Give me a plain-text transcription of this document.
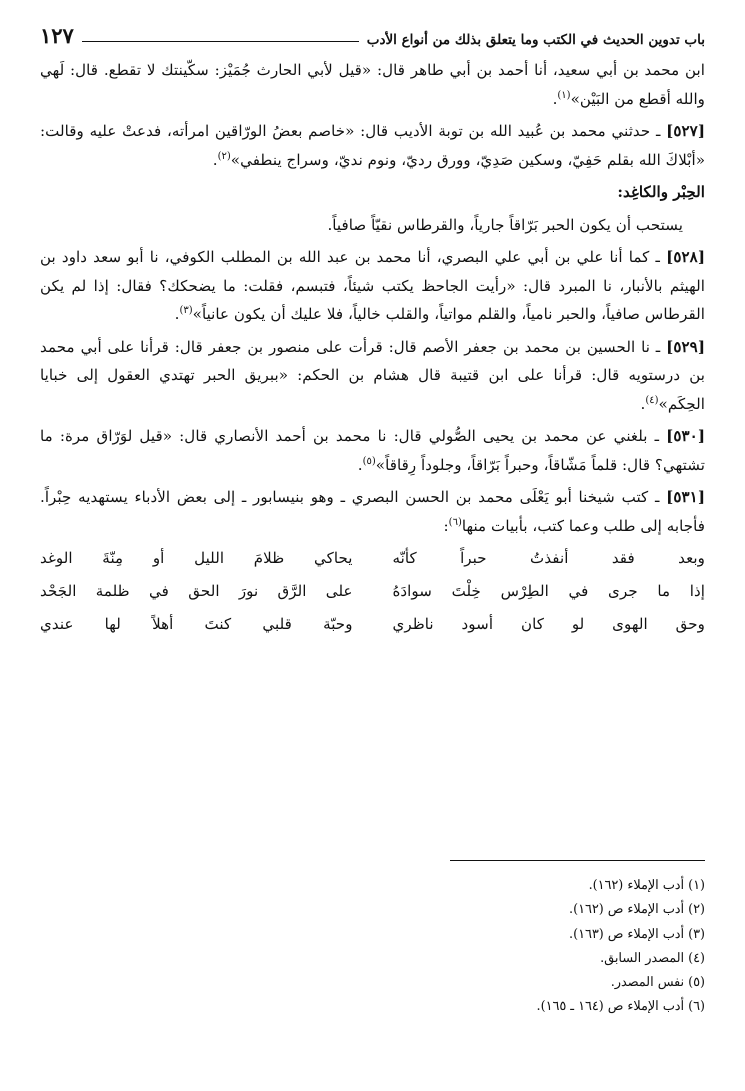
باب تدوين الحديث في الكتب وما يتعلق بذلك من أنواع الأدب
١٢٧

ابن محمد بن أبي سعيد، أنا أحمد بن أبي طاهر قال: «قيل لأبي الحارث جُمَيْز: سكّينتك لا تقطع. قال: لَهي والله أقطع من البَيْن»$^{(١)}$.

[٥٢٧] ـ حدثني محمد بن عُبيد الله بن توبة الأديب قال: «خاصم بعضُ الورّاقين امرأته، فدعتْ عليه وقالت: «أبْلاكَ الله بقلم حَفِيّ، وسكين صَدِيّ، وورق رديّ، ونوم نديّ، وسراج ينطفي»$^{(٢)}$.

الحِبْر والكاغِد:

يستحب أن يكون الحبر بَرّاقاً جارياً، والقرطاس نقيّاً صافياً.

[٥٢٨] ـ كما أنا علي بن أبي علي البصري، أنا محمد بن عبد الله بن المطلب الكوفي، نا أبو سعد داود بن الهيثم بالأنبار، نا المبرد قال: «رأيت الجاحظ يكتب شيئاً، فتبسم، فقلت: ما يضحكك؟ فقال: إذا لم يكن القرطاس صافياً، والحبر نامياً، والقلم مواتياً، والقلب خالياً، فلا عليك أن يكون عانياً»$^{(٣)}$.

[٥٢٩] ـ نا الحسين بن محمد بن جعفر الأصم قال: قرأت على منصور بن جعفر قال: قرأنا على أبي محمد بن درستويه قال: قرأنا على ابن قتيبة قال هشام بن الحكم: «ببريق الحبر تهتدي العقول إلى خبايا الحِكَم»$^{(٤)}$.

[٥٣٠] ـ بلغني عن محمد بن يحيى الصُّولي قال: نا محمد بن أحمد الأنصاري قال: «قيل لوَرّاق مرة: ما تشتهي؟ قال: قلماً مَشّاقاً، وحبراً بَرّاقاً، وجلوداً رِقاقاً»$^{(٥)}$.

[٥٣١] ـ كتب شيخنا أبو يَعْلَى محمد بن الحسن البصري ـ وهو بنيسابور ـ إلى بعض الأدباء يستهديه حِبْراً. فأجابه إلى طلب وعما كتب، بأبيات منها$^{(٦)}$:

وبعد فقد أنفذتُ حبراً كأنّه
يحاكي ظلامَ الليل أو مِنّةَ الوغد
إذا ما جرى في الطِرْس خِلْتَ سوادَهُ
على الرَّق نورَ الحق في ظلمة الجَحْد
وحق الهوى لو كان أسود ناظري
وحبّة قلبي كنتَ أهلاً لها عندي
(١) أدب الإملاء (١٦٢).
(٢) أدب الإملاء ص (١٦٢).
(٣) أدب الإملاء ص (١٦٣).
(٤) المصدر السابق.
(٥) نفس المصدر.
(٦) أدب الإملاء ص (١٦٤ ـ ١٦٥).
